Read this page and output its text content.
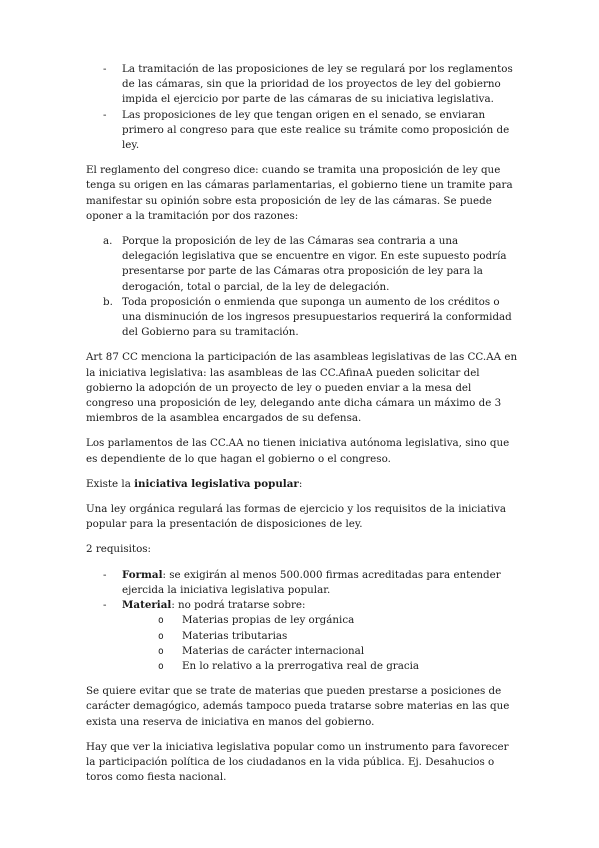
- La tramitación de las proposiciones de ley se regulará por los reglamentos de las cámaras, sin que la prioridad de los proyectos de ley del gobierno impida el ejercicio por parte de las cámaras de su iniciativa legislativa.
- Las proposiciones de ley que tengan origen en el senado, se enviaran primero al congreso para que este realice su trámite como proposición de ley.

El reglamento del congreso dice: cuando se tramita una proposición de ley que tenga su origen en las cámaras parlamentarias, el gobierno tiene un tramite para manifestar su opinión sobre esta proposición de ley de las cámaras. Se puede oponer a la tramitación por dos razones:

a. Porque la proposición de ley de las Cámaras sea contraria a una delegación legislativa que se encuentre en vigor. En este supuesto podría presentarse por parte de las Cámaras otra proposición de ley para la derogación, total o parcial, de la ley de delegación.
b. Toda proposición o enmienda que suponga un aumento de los créditos o una disminución de los ingresos presupuestarios requerirá la conformidad del Gobierno para su tramitación.

Art 87 CC menciona la participación de las asambleas legislativas de las CC.AA en la iniciativa legislativa: las asambleas de las CC.AfinaA pueden solicitar del gobierno la adopción de un proyecto de ley o pueden enviar a la mesa del congreso una proposición de ley, delegando ante dicha cámara un máximo de 3 miembros de la asamblea encargados de su defensa.

Los parlamentos de las CC.AA no tienen iniciativa autónoma legislativa, sino que es dependiente de lo que hagan el gobierno o el congreso.

Existe la iniciativa legislativa popular:

Una ley orgánica regulará las formas de ejercicio y los requisitos de la iniciativa popular para la presentación de disposiciones de ley.

2 requisitos:

- Formal: se exigirán al menos 500.000 firmas acreditadas para entender ejercida la iniciativa legislativa popular.
- Material: no podrá tratarse sobre:
o Materias propias de ley orgánica
o Materias tributarias
o Materias de carácter internacional
o En lo relativo a la prerrogativa real de gracia

Se quiere evitar que se trate de materias que pueden prestarse a posiciones de carácter demagógico, además tampoco pueda tratarse sobre materias en las que exista una reserva de iniciativa en manos del gobierno.

Hay que ver la iniciativa legislativa popular como un instrumento para favorecer la participación política de los ciudadanos en la vida pública. Ej. Desahucios o toros como fiesta nacional.
